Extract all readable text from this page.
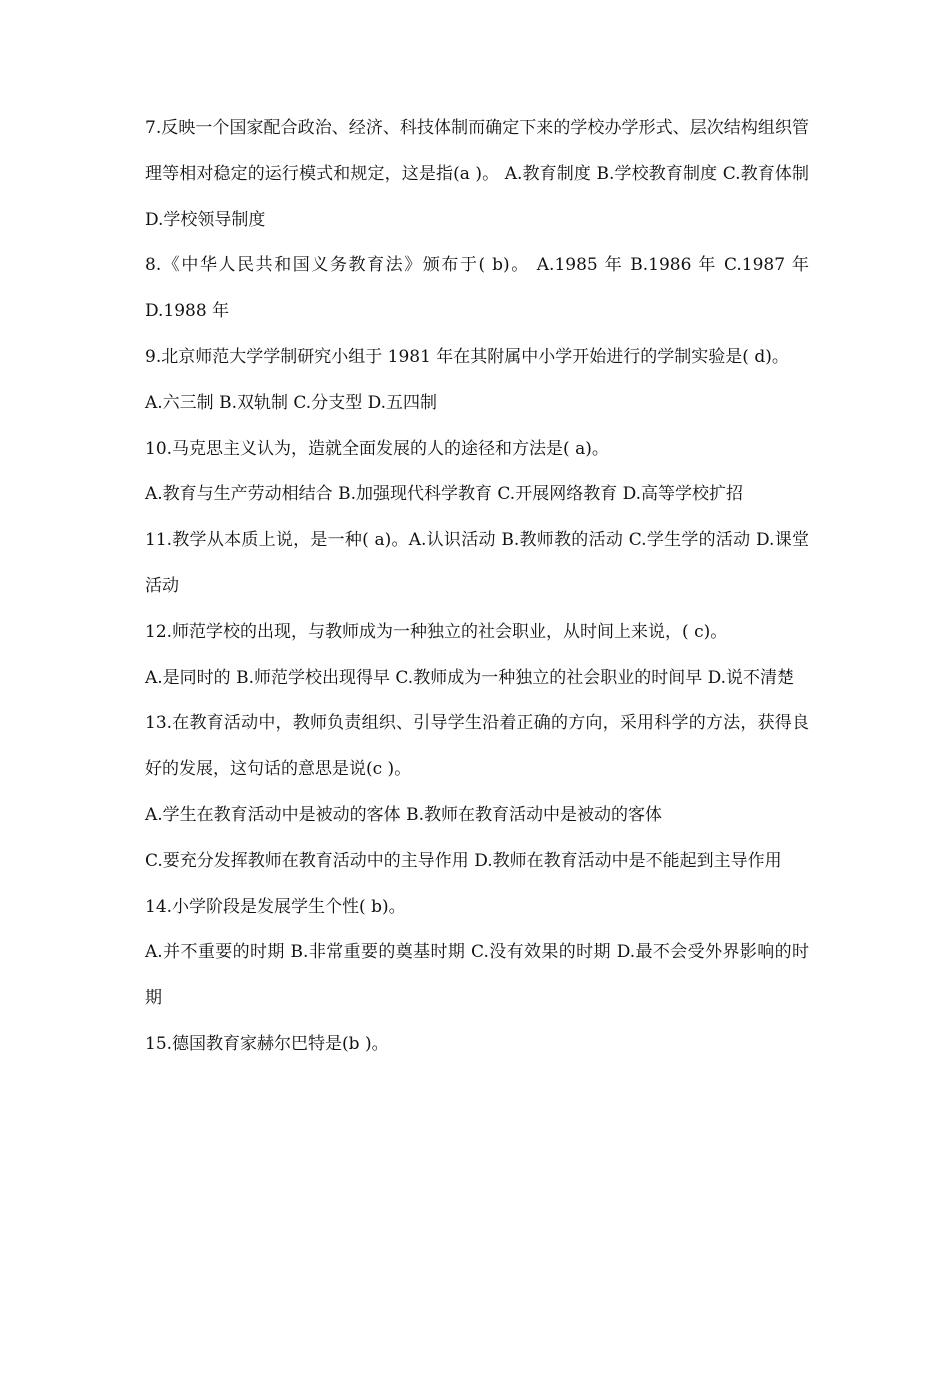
7.反映一个国家配合政治、经济、科技体制而确定下来的学校办学形式、层次结构组织管理等相对稳定的运行模式和规定，这是指(a )。 A.教育制度 B.学校教育制度 C.教育体制 D.学校领导制度

8.《中华人民共和国义务教育法》颁布于( b)。 A.1985 年 B.1986 年 C.1987 年 D.1988 年

9.北京师范大学学制研究小组于 1981 年在其附属中小学开始进行的学制实验是( d)。

A.六三制 B.双轨制 C.分支型 D.五四制

10.马克思主义认为，造就全面发展的人的途径和方法是( a)。

A.教育与生产劳动相结合 B.加强现代科学教育 C.开展网络教育 D.高等学校扩招

11.教学从本质上说，是一种( a)。A.认识活动 B.教师教的活动 C.学生学的活动 D.课堂活动

12.师范学校的出现，与教师成为一种独立的社会职业，从时间上来说，( c)。

A.是同时的 B.师范学校出现得早 C.教师成为一种独立的社会职业的时间早 D.说不清楚

13.在教育活动中，教师负责组织、引导学生沿着正确的方向，采用科学的方法，获得良好的发展，这句话的意思是说(c )。

A.学生在教育活动中是被动的客体 B.教师在教育活动中是被动的客体

C.要充分发挥教师在教育活动中的主导作用 D.教师在教育活动中是不能起到主导作用

14.小学阶段是发展学生个性( b)。

A.并不重要的时期 B.非常重要的奠基时期 C.没有效果的时期 D.最不会受外界影响的时期

15.德国教育家赫尔巴特是(b )。
